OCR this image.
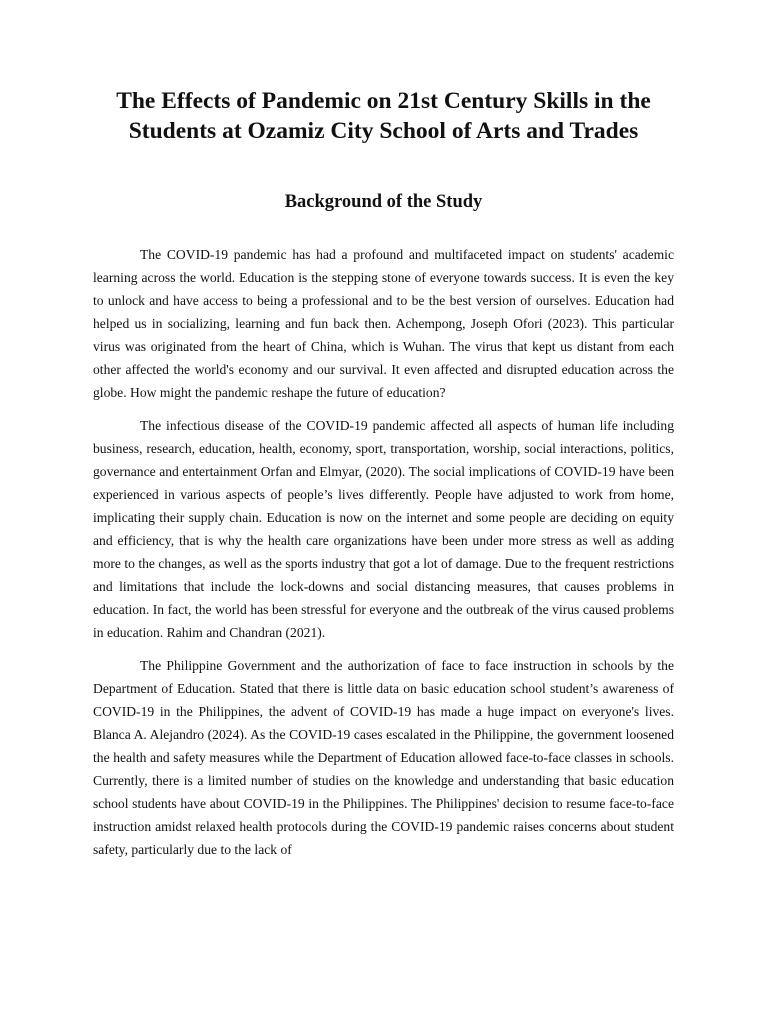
The Effects of Pandemic on 21st Century Skills in the Students at Ozamiz City School of Arts and Trades
Background of the Study

The COVID-19 pandemic has had a profound and multifaceted impact on students' academic learning across the world. Education is the stepping stone of everyone towards success. It is even the key to unlock and have access to being a professional and to be the best version of ourselves. Education had helped us in socializing, learning and fun back then. Achempong, Joseph Ofori (2023). This particular virus was originated from the heart of China, which is Wuhan. The virus that kept us distant from each other affected the world's economy and our survival. It even affected and disrupted education across the globe. How might the pandemic reshape the future of education?

The infectious disease of the COVID-19 pandemic affected all aspects of human life including business, research, education, health, economy, sport, transportation, worship, social interactions, politics, governance and entertainment Orfan and Elmyar, (2020). The social implications of COVID-19 have been experienced in various aspects of people’s lives differently. People have adjusted to work from home, implicating their supply chain. Education is now on the internet and some people are deciding on equity and efficiency, that is why the health care organizations have been under more stress as well as adding more to the changes, as well as the sports industry that got a lot of damage. Due to the frequent restrictions and limitations that include the lock-downs and social distancing measures, that causes problems in education. In fact, the world has been stressful for everyone and the outbreak of the virus caused problems in education. Rahim and Chandran (2021).

The Philippine Government and the authorization of face to face instruction in schools by the Department of Education. Stated that there is little data on basic education school student’s awareness of COVID-19 in the Philippines, the advent of COVID-19 has made a huge impact on everyone's lives. Blanca A. Alejandro (2024). As the COVID-19 cases escalated in the Philippine, the government loosened the health and safety measures while the Department of Education allowed face-to-face classes in schools. Currently, there is a limited number of studies on the knowledge and understanding that basic education school students have about COVID-19 in the Philippines. The Philippines' decision to resume face-to-face instruction amidst relaxed health protocols during the COVID-19 pandemic raises concerns about student safety, particularly due to the lack of
